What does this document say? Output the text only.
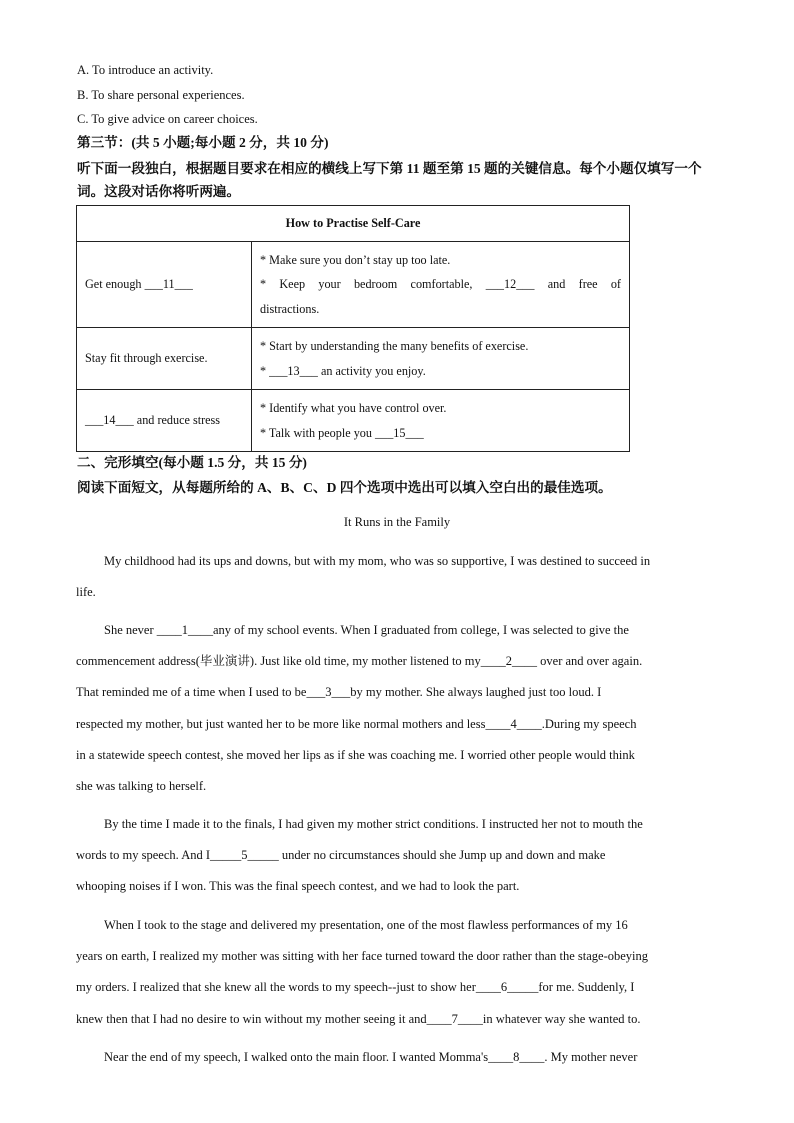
A. To introduce an activity.
B. To share personal experiences.
C. To give advice on career choices.
第三节：(共 5 小题;每小题 2 分，共 10 分)
听下面一段独白，根据题目要求在相应的横线上写下第 11 题至第 15 题的关键信息。每个小题仅填写一个词。这段对话你将听两遍。
How to Practise Self-Care	
Get enough ___11___	* Make sure you don’t stay up too late.
* Keep your bedroom comfortable, ___12___ and free of
distractions.

Stay fit through exercise.	* Start by understanding the many benefits of exercise.
* ___13___ an activity you enjoy.

___14___ and reduce stress	* Identify what you have control over.
* Talk with people you ___15___
二、完形填空(每小题 1.5 分，共 15 分)
阅读下面短文，从每题所给的 A、B、C、D 四个选项中选出可以填入空白出的最佳选项。
It Runs in the Family
My childhood had its ups and downs, but with my mom, who was so supportive, I was destined to succeed in
life.
She never ____1____any of my school events. When I graduated from college, I was selected to give the
commencement address(毕业演讲). Just like old time, my mother listened to my____2____ over and over again.
That reminded me of a time when I used to be___3___by my mother. She always laughed just too loud. I
respected my mother, but just wanted her to be more like normal mothers and less____4____.During my speech
in a statewide speech contest, she moved her lips as if she was coaching me. I worried other people would think
she was talking to herself.
By the time I made it to the finals, I had given my mother strict conditions. I instructed her not to mouth the
words to my speech. And I_____5_____ under no circumstances should she Jump up and down and make
whooping noises if I won. This was the final speech contest, and we had to look the part.
When I took to the stage and delivered my presentation, one of the most flawless performances of my 16
years on earth, I realized my mother was sitting with her face turned toward the door rather than the stage-obeying
my orders. I realized that she knew all the words to my speech--just to show her____6_____for me. Suddenly, I
knew then that I had no desire to win without my mother seeing it and____7____in whatever way she wanted to.
Near the end of my speech, I walked onto the main floor. I wanted Momma's____8____. My mother never
